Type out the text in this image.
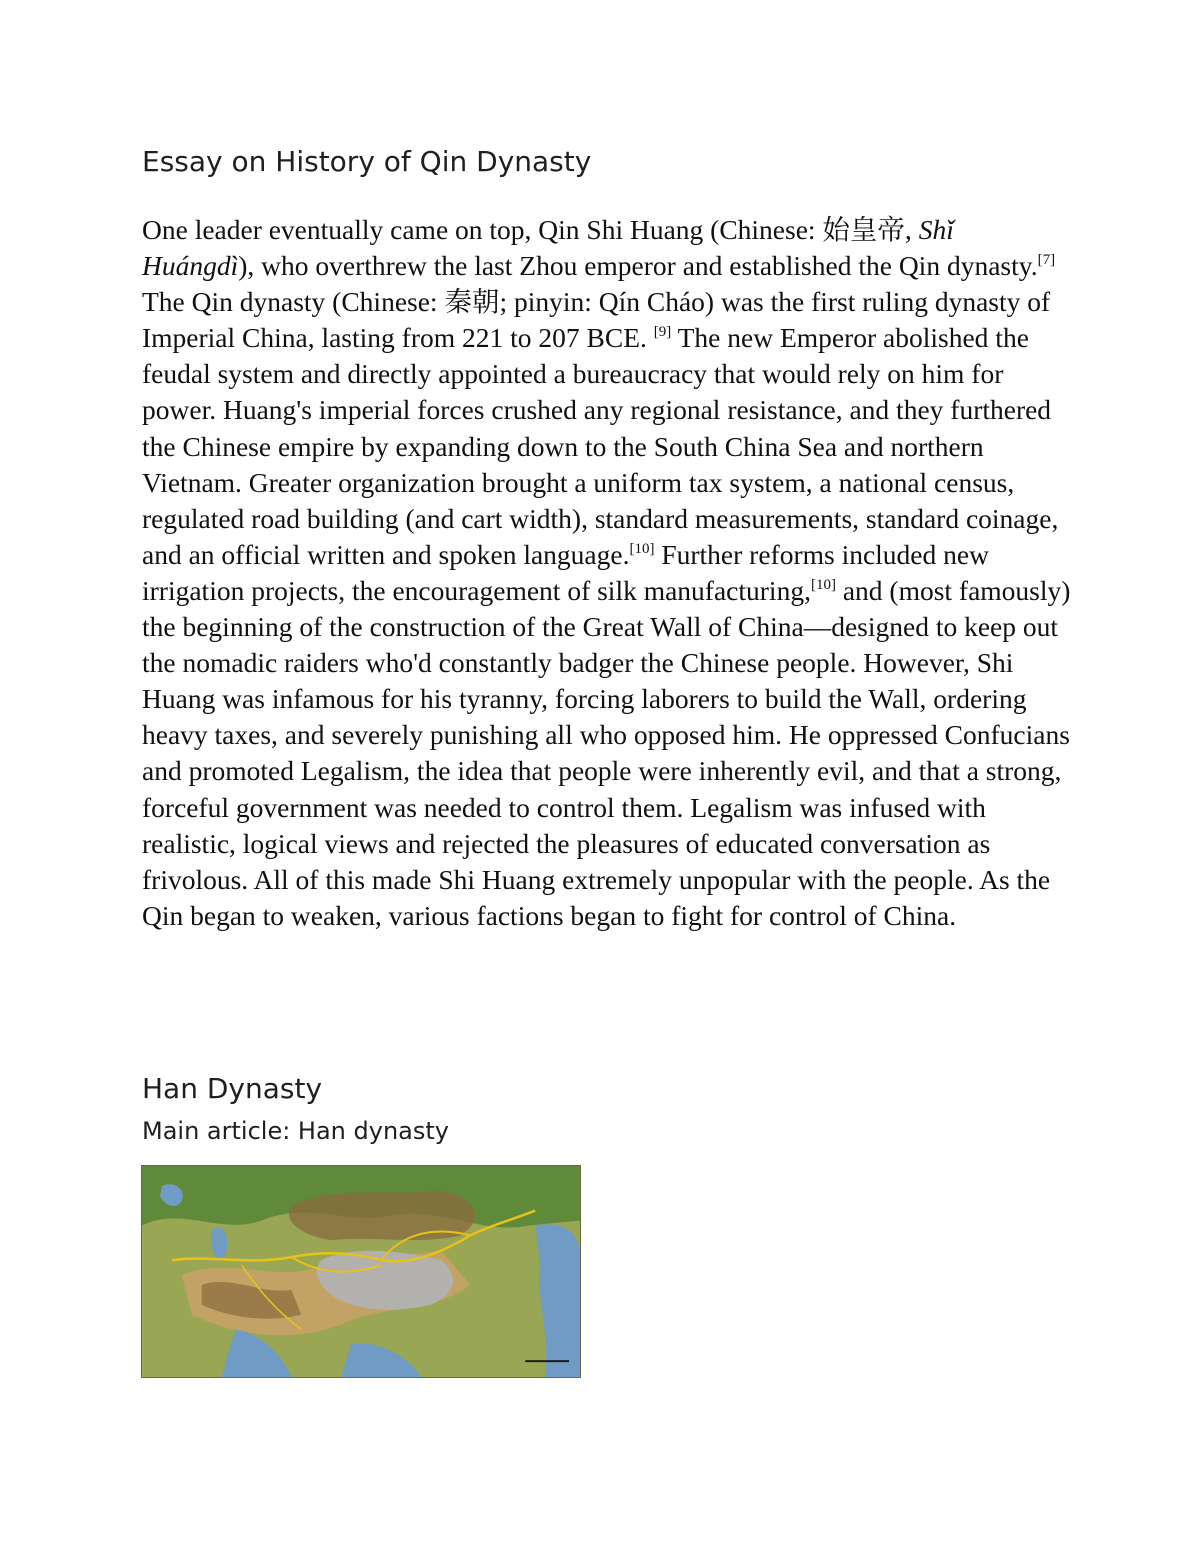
Essay on History of Qin Dynasty

One leader eventually came on top, Qin Shi Huang (Chinese: 始皇帝, Shǐ Huángdì), who overthrew the last Zhou emperor and established the Qin dynasty.[7] The Qin dynasty (Chinese: 秦朝; pinyin: Qín Cháo) was the first ruling dynasty of Imperial China, lasting from 221 to 207 BCE. [9] The new Emperor abolished the feudal system and directly appointed a bureaucracy that would rely on him for power. Huang's imperial forces crushed any regional resistance, and they furthered the Chinese empire by expanding down to the South China Sea and northern Vietnam. Greater organization brought a uniform tax system, a national census, regulated road building (and cart width), standard measurements, standard coinage, and an official written and spoken language.[10] Further reforms included new irrigation projects, the encouragement of silk manufacturing,[10] and (most famously) the beginning of the construction of the Great Wall of China—designed to keep out the nomadic raiders who'd constantly badger the Chinese people. However, Shi Huang was infamous for his tyranny, forcing laborers to build the Wall, ordering heavy taxes, and severely punishing all who opposed him. He oppressed Confucians and promoted Legalism, the idea that people were inherently evil, and that a strong, forceful government was needed to control them. Legalism was infused with realistic, logical views and rejected the pleasures of educated conversation as frivolous. All of this made Shi Huang extremely unpopular with the people. As the Qin began to weaken, various factions began to fight for control of China.

Han Dynasty
Main article: Han dynasty
